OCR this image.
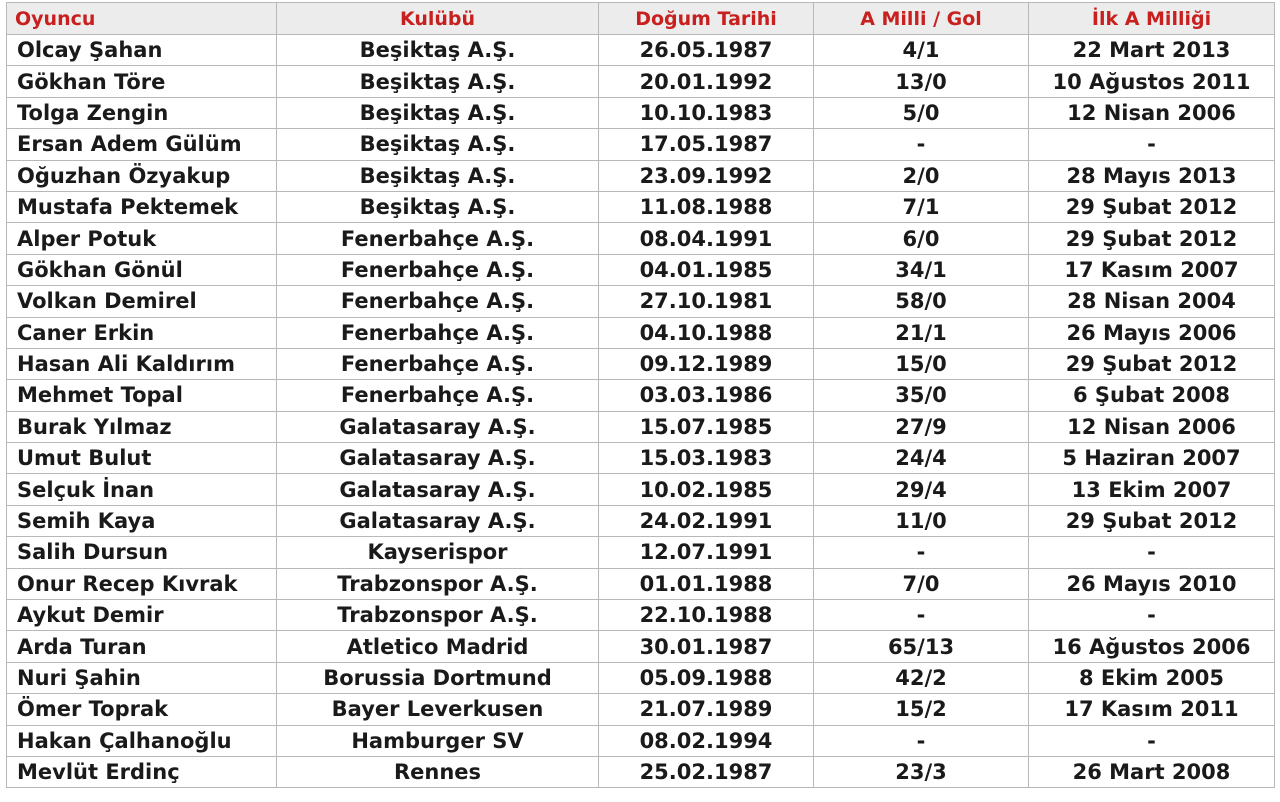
Oyuncu	Kulübü	Doğum Tarihi	A Milli / Gol	İlk A Milliği
Olcay Şahan	Beşiktaş A.Ş.	26.05.1987	4/1	22 Mart 2013
Gökhan Töre	Beşiktaş A.Ş.	20.01.1992	13/0	10 Ağustos 2011
Tolga Zengin	Beşiktaş A.Ş.	10.10.1983	5/0	12 Nisan 2006
Ersan Adem Gülüm	Beşiktaş A.Ş.	17.05.1987	-	-
Oğuzhan Özyakup	Beşiktaş A.Ş.	23.09.1992	2/0	28 Mayıs 2013
Mustafa Pektemek	Beşiktaş A.Ş.	11.08.1988	7/1	29 Şubat 2012
Alper Potuk	Fenerbahçe A.Ş.	08.04.1991	6/0	29 Şubat 2012
Gökhan Gönül	Fenerbahçe A.Ş.	04.01.1985	34/1	17 Kasım 2007
Volkan Demirel	Fenerbahçe A.Ş.	27.10.1981	58/0	28 Nisan 2004
Caner Erkin	Fenerbahçe A.Ş.	04.10.1988	21/1	26 Mayıs 2006
Hasan Ali Kaldırım	Fenerbahçe A.Ş.	09.12.1989	15/0	29 Şubat 2012
Mehmet Topal	Fenerbahçe A.Ş.	03.03.1986	35/0	6 Şubat 2008
Burak Yılmaz	Galatasaray A.Ş.	15.07.1985	27/9	12 Nisan 2006
Umut Bulut	Galatasaray A.Ş.	15.03.1983	24/4	5 Haziran 2007
Selçuk İnan	Galatasaray A.Ş.	10.02.1985	29/4	13 Ekim 2007
Semih Kaya	Galatasaray A.Ş.	24.02.1991	11/0	29 Şubat 2012
Salih Dursun	Kayserispor	12.07.1991	-	-
Onur Recep Kıvrak	Trabzonspor A.Ş.	01.01.1988	7/0	26 Mayıs 2010
Aykut Demir	Trabzonspor A.Ş.	22.10.1988	-	-
Arda Turan	Atletico Madrid	30.01.1987	65/13	16 Ağustos 2006
Nuri Şahin	Borussia Dortmund	05.09.1988	42/2	8 Ekim 2005
Ömer Toprak	Bayer Leverkusen	21.07.1989	15/2	17 Kasım 2011
Hakan Çalhanoğlu	Hamburger SV	08.02.1994	-	-
Mevlüt Erdinç	Rennes	25.02.1987	23/3	26 Mart 2008
